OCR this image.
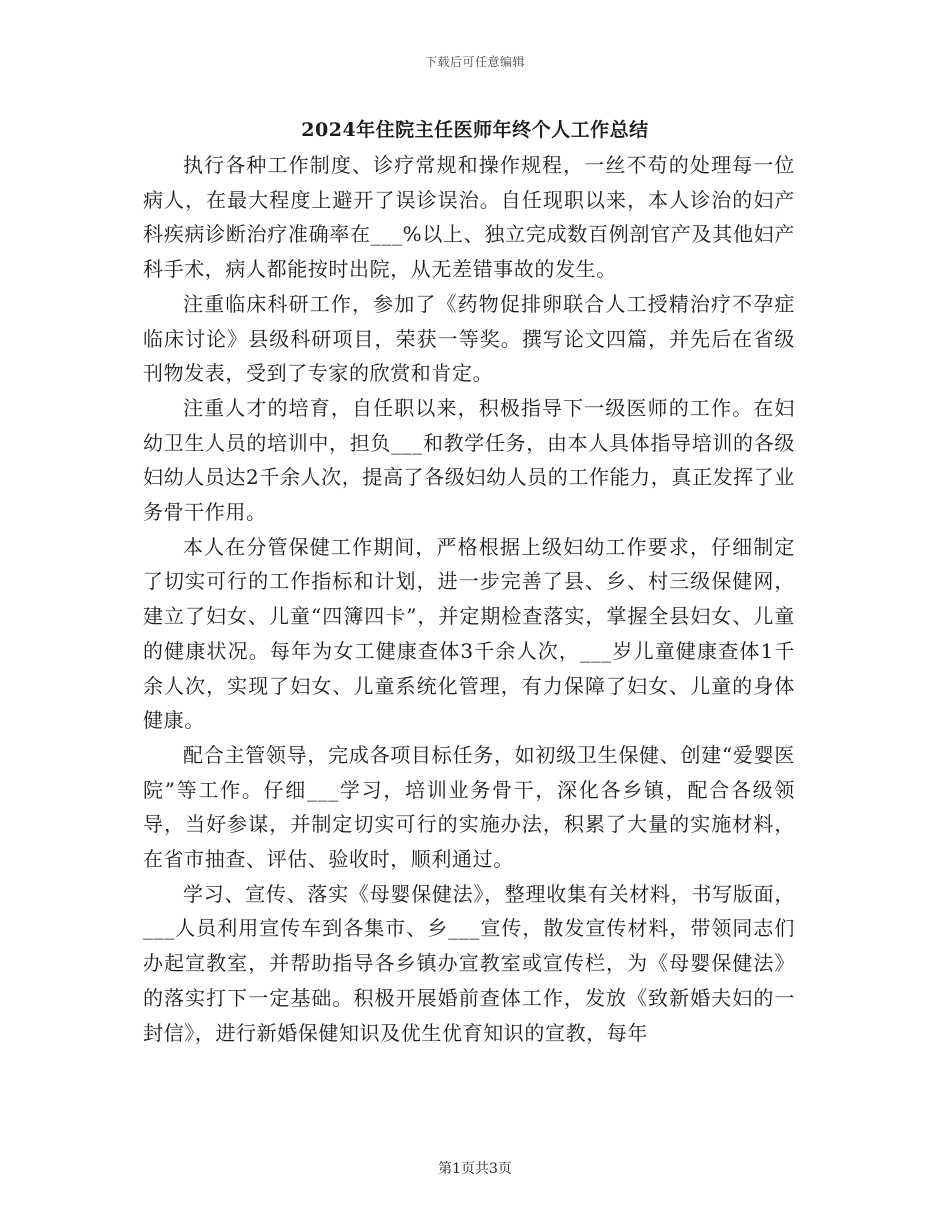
下载后可任意编辑
2024年住院主任医师年终个人工作总结

执行各种工作制度、诊疗常规和操作规程，一丝不苟的处理每一位病人，在最大程度上避开了误诊误治。自任现职以来，本人诊治的妇产科疾病诊断治疗准确率在___%以上、独立完成数百例剖官产及其他妇产科手术，病人都能按时出院，从无差错事故的发生。

注重临床科研工作，参加了《药物促排卵联合人工授精治疗不孕症临床讨论》县级科研项目，荣获一等奖。撰写论文四篇，并先后在省级刊物发表，受到了专家的欣赏和肯定。

注重人才的培育，自任职以来，积极指导下一级医师的工作。在妇幼卫生人员的培训中，担负___和教学任务，由本人具体指导培训的各级妇幼人员达2千余人次，提高了各级妇幼人员的工作能力，真正发挥了业务骨干作用。

本人在分管保健工作期间，严格根据上级妇幼工作要求，仔细制定了切实可行的工作指标和计划，进一步完善了县、乡、村三级保健网，建立了妇女、儿童“四簿四卡”，并定期检查落实，掌握全县妇女、儿童的健康状况。每年为女工健康查体3千余人次，___岁儿童健康查体1千余人次，实现了妇女、儿童系统化管理，有力保障了妇女、儿童的身体健康。

配合主管领导，完成各项目标任务，如初级卫生保健、创建“爱婴医院”等工作。仔细___学习，培训业务骨干，深化各乡镇，配合各级领导，当好参谋，并制定切实可行的实施办法，积累了大量的实施材料，在省市抽查、评估、验收时，顺利通过。

学习、宣传、落实《母婴保健法》，整理收集有关材料，书写版面，___人员利用宣传车到各集市、乡___宣传，散发宣传材料，带领同志们办起宣教室，并帮助指导各乡镇办宣教室或宣传栏，为《母婴保健法》的落实打下一定基础。积极开展婚前查体工作，发放《致新婚夫妇的一封信》，进行新婚保健知识及优生优育知识的宣教，每年

第1页共3页
